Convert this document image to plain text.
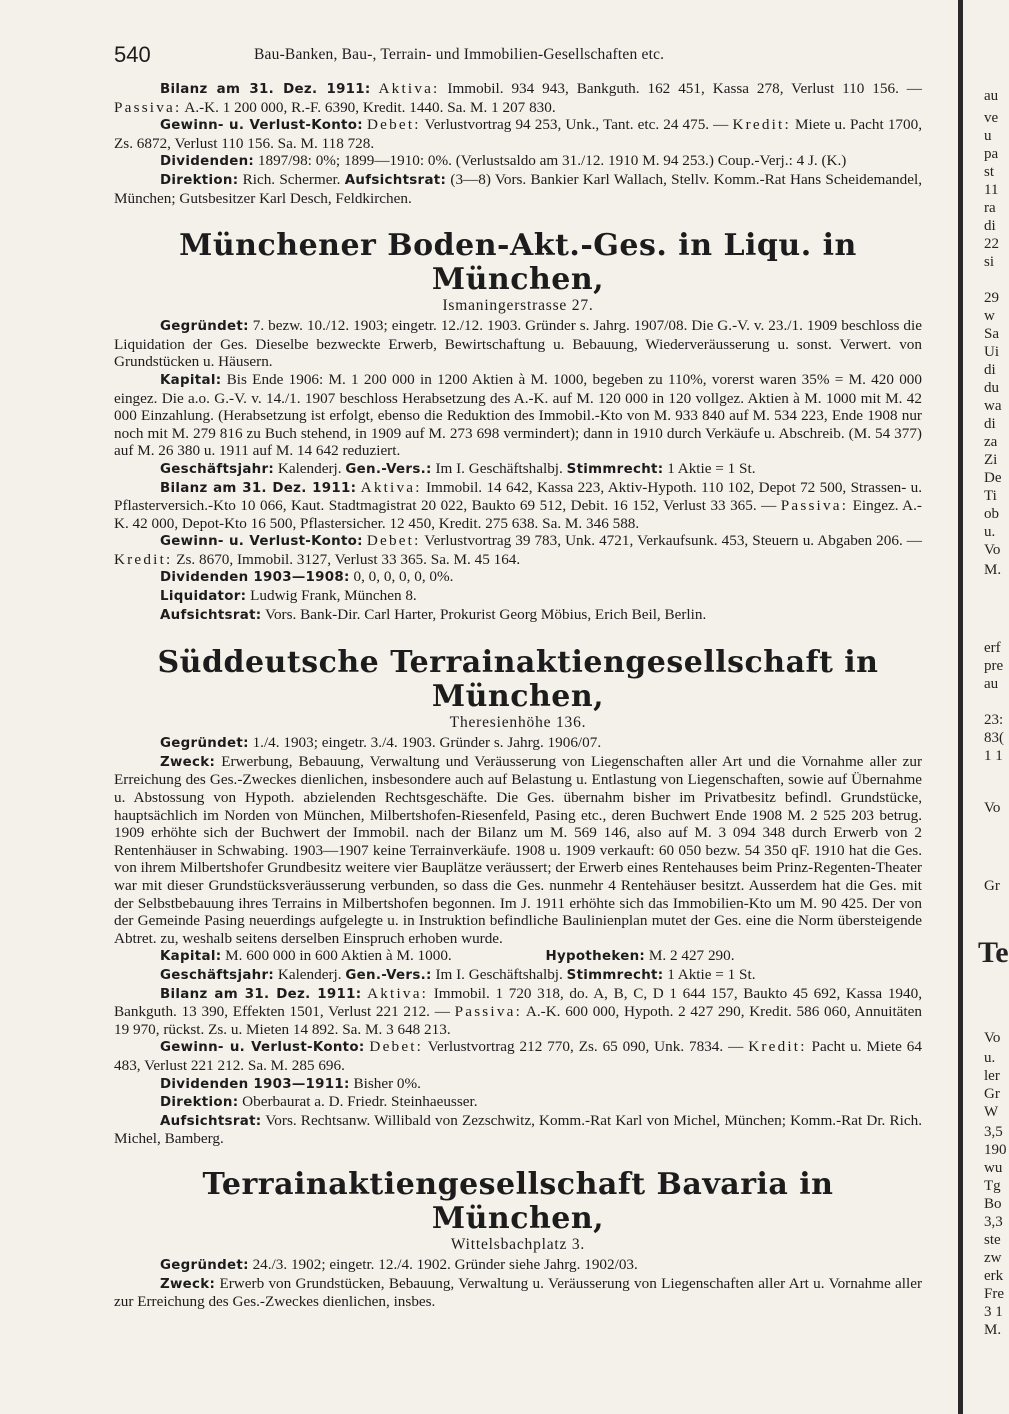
au
ve
u
pa
st
11
ra
di
22
si
29
w
Sa
Ui
di
du
wa
di
za
Zi
De
Ti
ob
u.
Vo
M.
erf
pre
au
23:
83(
1 1
Vo
Gr
Te
Vo
u.
ler
Gr
W
3,5
190
wu
Tg
Bo
3,3
ste
zw
erk
Fre
3 1
M.
540	Bau-Banken, Bau-, Terrain- und Immobilien-Gesellschaften etc.

Bilanz am 31. Dez. 1911: Aktiva: Immobil. 934 943, Bankguth. 162 451, Kassa 278, Verlust 110 156. — Passiva: A.-K. 1 200 000, R.-F. 6390, Kredit. 1440. Sa. M. 1 207 830.

Gewinn- u. Verlust-Konto: Debet: Verlustvortrag 94 253, Unk., Tant. etc. 24 475. — Kredit: Miete u. Pacht 1700, Zs. 6872, Verlust 110 156. Sa. M. 118 728.

Dividenden: 1897/98: 0%; 1899—1910: 0%. (Verlustsaldo am 31./12. 1910 M. 94 253.) Coup.-Verj.: 4 J. (K.)

Direktion: Rich. Schermer. Aufsichtsrat: (3—8) Vors. Bankier Karl Wallach, Stellv. Komm.-Rat Hans Scheidemandel, München; Gutsbesitzer Karl Desch, Feldkirchen.

Münchener Boden-Akt.-Ges. in Liqu. in München,

Ismaningerstrasse 27.

Gegründet: 7. bezw. 10./12. 1903; eingetr. 12./12. 1903. Gründer s. Jahrg. 1907/08. Die G.-V. v. 23./1. 1909 beschloss die Liquidation der Ges. Dieselbe bezweckte Erwerb, Bewirtschaftung u. Bebauung, Wiederveräusserung u. sonst. Verwert. von Grundstücken u. Häusern.

Kapital: Bis Ende 1906: M. 1 200 000 in 1200 Aktien à M. 1000, begeben zu 110%, vorerst waren 35% = M. 420 000 eingez. Die a.o. G.-V. v. 14./1. 1907 beschloss Herabsetzung des A.-K. auf M. 120 000 in 120 vollgez. Aktien à M. 1000 mit M. 42 000 Einzahlung. (Herabsetzung ist erfolgt, ebenso die Reduktion des Immobil.-Kto von M. 933 840 auf M. 534 223, Ende 1908 nur noch mit M. 279 816 zu Buch stehend, in 1909 auf M. 273 698 vermindert); dann in 1910 durch Verkäufe u. Abschreib. (M. 54 377) auf M. 26 380 u. 1911 auf M. 14 642 reduziert.

Geschäftsjahr: Kalenderj. Gen.-Vers.: Im I. Geschäftshalbj. Stimmrecht: 1 Aktie = 1 St.

Bilanz am 31. Dez. 1911: Aktiva: Immobil. 14 642, Kassa 223, Aktiv-Hypoth. 110 102, Depot 72 500, Strassen- u. Pflasterversich.-Kto 10 066, Kaut. Stadtmagistrat 20 022, Baukto 69 512, Debit. 16 152, Verlust 33 365. — Passiva: Eingez. A.-K. 42 000, Depot-Kto 16 500, Pflastersicher. 12 450, Kredit. 275 638. Sa. M. 346 588.

Gewinn- u. Verlust-Konto: Debet: Verlustvortrag 39 783, Unk. 4721, Verkaufsunk. 453, Steuern u. Abgaben 206. — Kredit: Zs. 8670, Immobil. 3127, Verlust 33 365. Sa. M. 45 164.

Dividenden 1903—1908: 0, 0, 0, 0, 0, 0%.

Liquidator: Ludwig Frank, München 8.

Aufsichtsrat: Vors. Bank-Dir. Carl Harter, Prokurist Georg Möbius, Erich Beil, Berlin.

Süddeutsche Terrainaktiengesellschaft in München,

Theresienhöhe 136.

Gegründet: 1./4. 1903; eingetr. 3./4. 1903. Gründer s. Jahrg. 1906/07.

Zweck: Erwerbung, Bebauung, Verwaltung und Veräusserung von Liegenschaften aller Art und die Vornahme aller zur Erreichung des Ges.-Zweckes dienlichen, insbesondere auch auf Belastung u. Entlastung von Liegenschaften, sowie auf Übernahme u. Abstossung von Hypoth. abzielenden Rechtsgeschäfte. Die Ges. übernahm bisher im Privatbesitz befindl. Grundstücke, hauptsächlich im Norden von München, Milbertshofen-Riesenfeld, Pasing etc., deren Buchwert Ende 1908 M. 2 525 203 betrug. 1909 erhöhte sich der Buchwert der Immobil. nach der Bilanz um M. 569 146, also auf M. 3 094 348 durch Erwerb von 2 Rentenhäuser in Schwabing. 1903—1907 keine Terrainverkäufe. 1908 u. 1909 verkauft: 60 050 bezw. 54 350 qF. 1910 hat die Ges. von ihrem Milbertshofer Grundbesitz weitere vier Bauplätze veräussert; der Erwerb eines Rentehauses beim Prinz-Regenten-Theater war mit dieser Grundstücksveräusserung verbunden, so dass die Ges. nunmehr 4 Rentehäuser besitzt. Ausserdem hat die Ges. mit der Selbstbebauung ihres Terrains in Milbertshofen begonnen. Im J. 1911 erhöhte sich das Immobilien-Kto um M. 90 425. Der von der Gemeinde Pasing neuerdings aufgelegte u. in Instruktion befindliche Baulinienplan mutet der Ges. eine die Norm übersteigende Abtret. zu, weshalb seitens derselben Einspruch erhoben wurde.

Kapital: M. 600 000 in 600 Aktien à M. 1000.	Hypotheken: M. 2 427 290.

Geschäftsjahr: Kalenderj. Gen.-Vers.: Im I. Geschäftshalbj. Stimmrecht: 1 Aktie = 1 St.

Bilanz am 31. Dez. 1911: Aktiva: Immobil. 1 720 318, do. A, B, C, D 1 644 157, Baukto 45 692, Kassa 1940, Bankguth. 13 390, Effekten 1501, Verlust 221 212. — Passiva: A.-K. 600 000, Hypoth. 2 427 290, Kredit. 586 060, Annuitäten 19 970, rückst. Zs. u. Mieten 14 892. Sa. M. 3 648 213.

Gewinn- u. Verlust-Konto: Debet: Verlustvortrag 212 770, Zs. 65 090, Unk. 7834. — Kredit: Pacht u. Miete 64 483, Verlust 221 212. Sa. M. 285 696.

Dividenden 1903—1911: Bisher 0%.

Direktion: Oberbaurat a. D. Friedr. Steinhaeusser.

Aufsichtsrat: Vors. Rechtsanw. Willibald von Zezschwitz, Komm.-Rat Karl von Michel, München; Komm.-Rat Dr. Rich. Michel, Bamberg.

Terrainaktiengesellschaft Bavaria in München,

Wittelsbachplatz 3.

Gegründet: 24./3. 1902; eingetr. 12./4. 1902. Gründer siehe Jahrg. 1902/03.

Zweck: Erwerb von Grundstücken, Bebauung, Verwaltung u. Veräusserung von Liegenschaften aller Art u. Vornahme aller zur Erreichung des Ges.-Zweckes dienlichen, insbes.
